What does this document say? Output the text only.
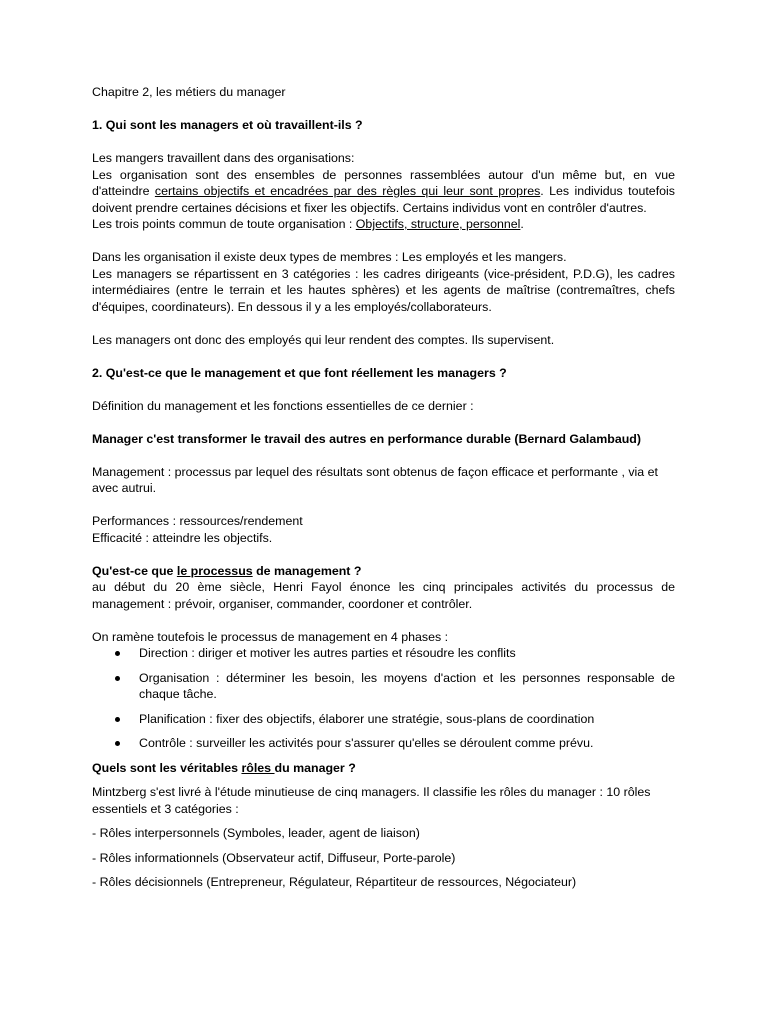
Chapitre 2, les métiers du manager

1. Qui sont les managers et où travaillent-ils ?

Les mangers travaillent dans des organisations:

Les organisation sont des ensembles de personnes rassemblées autour d'un même but, en vue d'atteindre certains objectifs et encadrées par des règles qui leur sont propres. Les individus toutefois doivent prendre certaines décisions et fixer les objectifs. Certains individus vont en contrôler d'autres.

Les trois points commun de toute organisation : Objectifs, structure, personnel.

Dans les organisation il existe deux types de membres : Les employés et les mangers.

Les managers se répartissent en 3 catégories : les cadres dirigeants (vice-président, P.D.G), les cadres intermédiaires (entre le terrain et les hautes sphères) et les agents de maîtrise (contremaîtres, chefs d'équipes, coordinateurs). En dessous il y a les employés/collaborateurs.

Les managers ont donc des employés qui leur rendent des comptes. Ils supervisent.

2. Qu'est-ce que le management et que font réellement les managers ?

Définition du management et les fonctions essentielles de ce dernier :

Manager c'est transformer le travail des autres en performance durable (Bernard Galambaud)

Management : processus par lequel des résultats sont obtenus de façon efficace et performante , via et avec autrui.

Performances : ressources/rendement

Efficacité : atteindre les objectifs.

Qu'est-ce que le processus de management ?

au début du 20 ème siècle, Henri Fayol énonce les cinq principales activités du processus de management : prévoir, organiser, commander, coordoner et contrôler.

On ramène toutefois le processus de management en 4 phases :

Direction : diriger et motiver les autres parties et résoudre les conflits
Organisation : déterminer les besoin, les moyens d'action et les personnes responsable de chaque tâche.
Planification : fixer des objectifs, élaborer une stratégie, sous-plans de coordination
Contrôle : surveiller les activités pour s'assurer qu'elles se déroulent comme prévu.

Quels sont les véritables rôles du manager ?

Mintzberg s'est livré à l'étude minutieuse de cinq managers. Il classifie les rôles du manager : 10 rôles essentiels et 3 catégories :

- Rôles interpersonnels (Symboles, leader, agent de liaison)

- Rôles informationnels (Observateur actif, Diffuseur, Porte-parole)

- Rôles décisionnels (Entrepreneur, Régulateur, Répartiteur de ressources, Négociateur)
